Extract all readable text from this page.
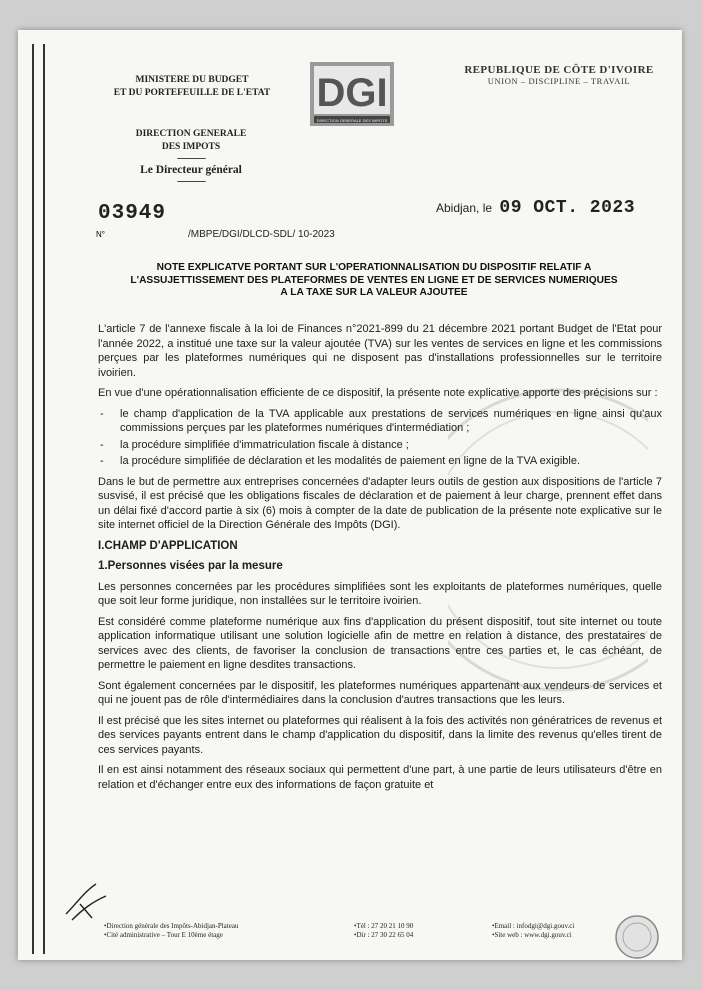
MINISTERE DU BUDGET
ET DU PORTEFEUILLE DE L'ETAT
DIRECTION GENERALE
DES IMPOTS
--------------
Le Directeur général
--------------
DGI
DIRECTION GENERALE DES IMPOTS
REPUBLIQUE DE CÔTE D'IVOIRE
UNION – DISCIPLINE – TRAVAIL
Abidjan, le 09 OCT. 2023
03949
N°	/MBPE/DGI/DLCD-SDL/ 10-2023
NOTE EXPLICATVE PORTANT SUR L'OPERATIONNALISATION DU DISPOSITIF RELATIF A
L'ASSUJETTISSEMENT DES PLATEFORMES DE VENTES EN LIGNE ET DE SERVICES NUMERIQUES
A LA TAXE SUR LA VALEUR AJOUTEE

L'article 7 de l'annexe fiscale à la loi de Finances n°2021-899 du 21 décembre 2021 portant Budget de l'Etat pour l'année 2022, a institué une taxe sur la valeur ajoutée (TVA) sur les ventes de services en ligne et les commissions perçues par les plateformes numériques qui ne disposent pas d'installations professionnelles sur le territoire ivoirien.

En vue d'une opérationnalisation efficiente de ce dispositif, la présente note explicative apporte des précisions sur :

- le champ d'application de la TVA applicable aux prestations de services numériques en ligne ainsi qu'aux commissions perçues par les plateformes numériques d'intermédiation ;
- la procédure simplifiée d'immatriculation fiscale à distance ;
- la procédure simplifiée de déclaration et les modalités de paiement en ligne de la TVA exigible.

Dans le but de permettre aux entreprises concernées d'adapter leurs outils de gestion aux dispositions de l'article 7 susvisé, il est précisé que les obligations fiscales de déclaration et de paiement à leur charge, prennent effet dans un délai fixé d'accord partie à six (6) mois à compter de la date de publication de la présente note explicative sur le site internet officiel de la Direction Générale des Impôts (DGI).

I.CHAMP D'APPLICATION
1.Personnes visées par la mesure

Les personnes concernées par les procédures simplifiées sont les exploitants de plateformes numériques, quelle que soit leur forme juridique, non installées sur le territoire ivoirien.

Est considéré comme plateforme numérique aux fins d'application du présent dispositif, tout site internet ou toute application informatique utilisant une solution logicielle afin de mettre en relation à distance, des prestataires de services avec des clients, de favoriser la conclusion de transactions entre ces parties et, le cas échéant, de permettre le paiement en ligne desdites transactions.

Sont également concernées par le dispositif, les plateformes numériques appartenant aux vendeurs de services et qui ne jouent pas de rôle d'intermédiaires dans la conclusion d'autres transactions que les leurs.

Il est précisé que les sites internet ou plateformes qui réalisent à la fois des activités non génératrices de revenus et des services payants entrent dans le champ d'application du dispositif, dans la limite des revenus qu'elles tirent de ces services payants.

Il en est ainsi notamment des réseaux sociaux qui permettent d'une part, à une partie de leurs utilisateurs d'être en relation et d'échanger entre eux des informations de façon gratuite et

•Direction générale des Impôts-Abidjan-Plateau
•Cité administrative – Tour E 10ème étage
•Tél : 27 20 21 10 90
•Dir : 27 30 22 65 04
•Email : infodgi@dgi.gouv.ci
•Site web : www.dgi.gouv.ci
